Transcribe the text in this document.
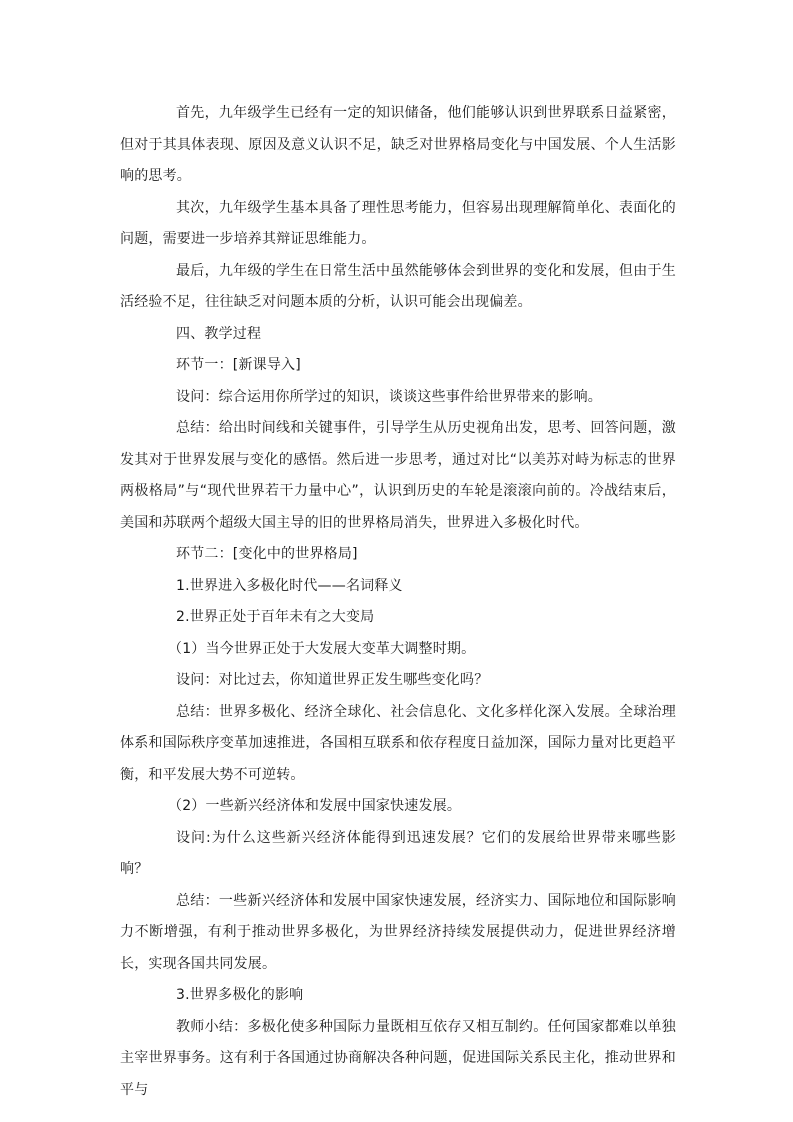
首先，九年级学生已经有一定的知识储备，他们能够认识到世界联系日益紧密，但对于其具体表现、原因及意义认识不足，缺乏对世界格局变化与中国发展、个人生活影响的思考。

其次，九年级学生基本具备了理性思考能力，但容易出现理解简单化、表面化的问题，需要进一步培养其辩证思维能力。

最后，九年级的学生在日常生活中虽然能够体会到世界的变化和发展，但由于生活经验不足，往往缺乏对问题本质的分析，认识可能会出现偏差。

四、教学过程

环节一：[新课导入]

设问：综合运用你所学过的知识，谈谈这些事件给世界带来的影响。

总结：给出时间线和关键事件，引导学生从历史视角出发，思考、回答问题，激发其对于世界发展与变化的感悟。然后进一步思考，通过对比“以美苏对峙为标志的世界两极格局”与“现代世界若干力量中心”，认识到历史的车轮是滚滚向前的。冷战结束后，美国和苏联两个超级大国主导的旧的世界格局消失，世界进入多极化时代。

环节二：[变化中的世界格局]

1.世界进入多极化时代——名词释义

2.世界正处于百年未有之大变局

（1）当今世界正处于大发展大变革大调整时期。

设问：对比过去，你知道世界正发生哪些变化吗？

总结：世界多极化、经济全球化、社会信息化、文化多样化深入发展。全球治理体系和国际秩序变革加速推进，各国相互联系和依存程度日益加深，国际力量对比更趋平衡，和平发展大势不可逆转。

（2）一些新兴经济体和发展中国家快速发展。

设问:为什么这些新兴经济体能得到迅速发展？它们的发展给世界带来哪些影响？

总结：一些新兴经济体和发展中国家快速发展，经济实力、国际地位和国际影响力不断增强，有利于推动世界多极化，为世界经济持续发展提供动力，促进世界经济增长，实现各国共同发展。

3.世界多极化的影响

教师小结：多极化使多种国际力量既相互依存又相互制约。任何国家都难以单独主宰世界事务。这有利于各国通过协商解决各种问题，促进国际关系民主化，推动世界和平与
